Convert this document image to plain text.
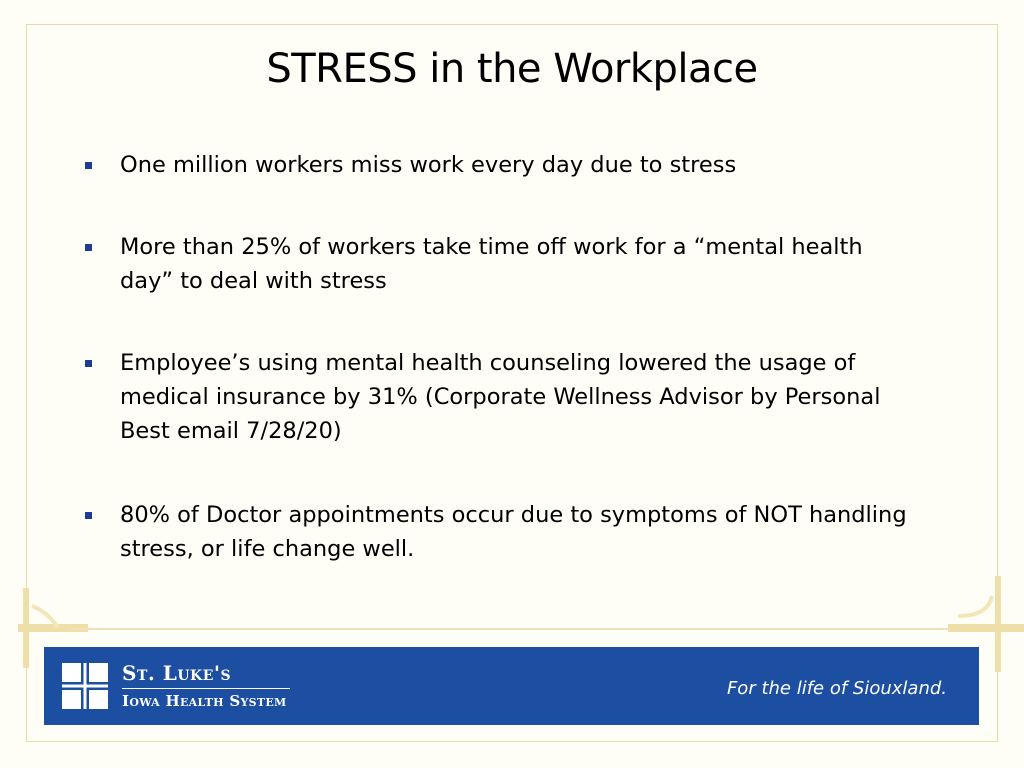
STRESS in the Workplace
One million workers miss work every day due to stress
More than 25% of workers take time off work for a “mental health day” to deal with stress
Employee’s using mental health counseling lowered the usage of medical insurance by 31% (Corporate Wellness Advisor by Personal Best email 7/28/20)
80% of Doctor appointments occur due to symptoms of NOT handling stress, or life change well.
St. Luke's
Iowa Health System
For the life of Siouxland.
